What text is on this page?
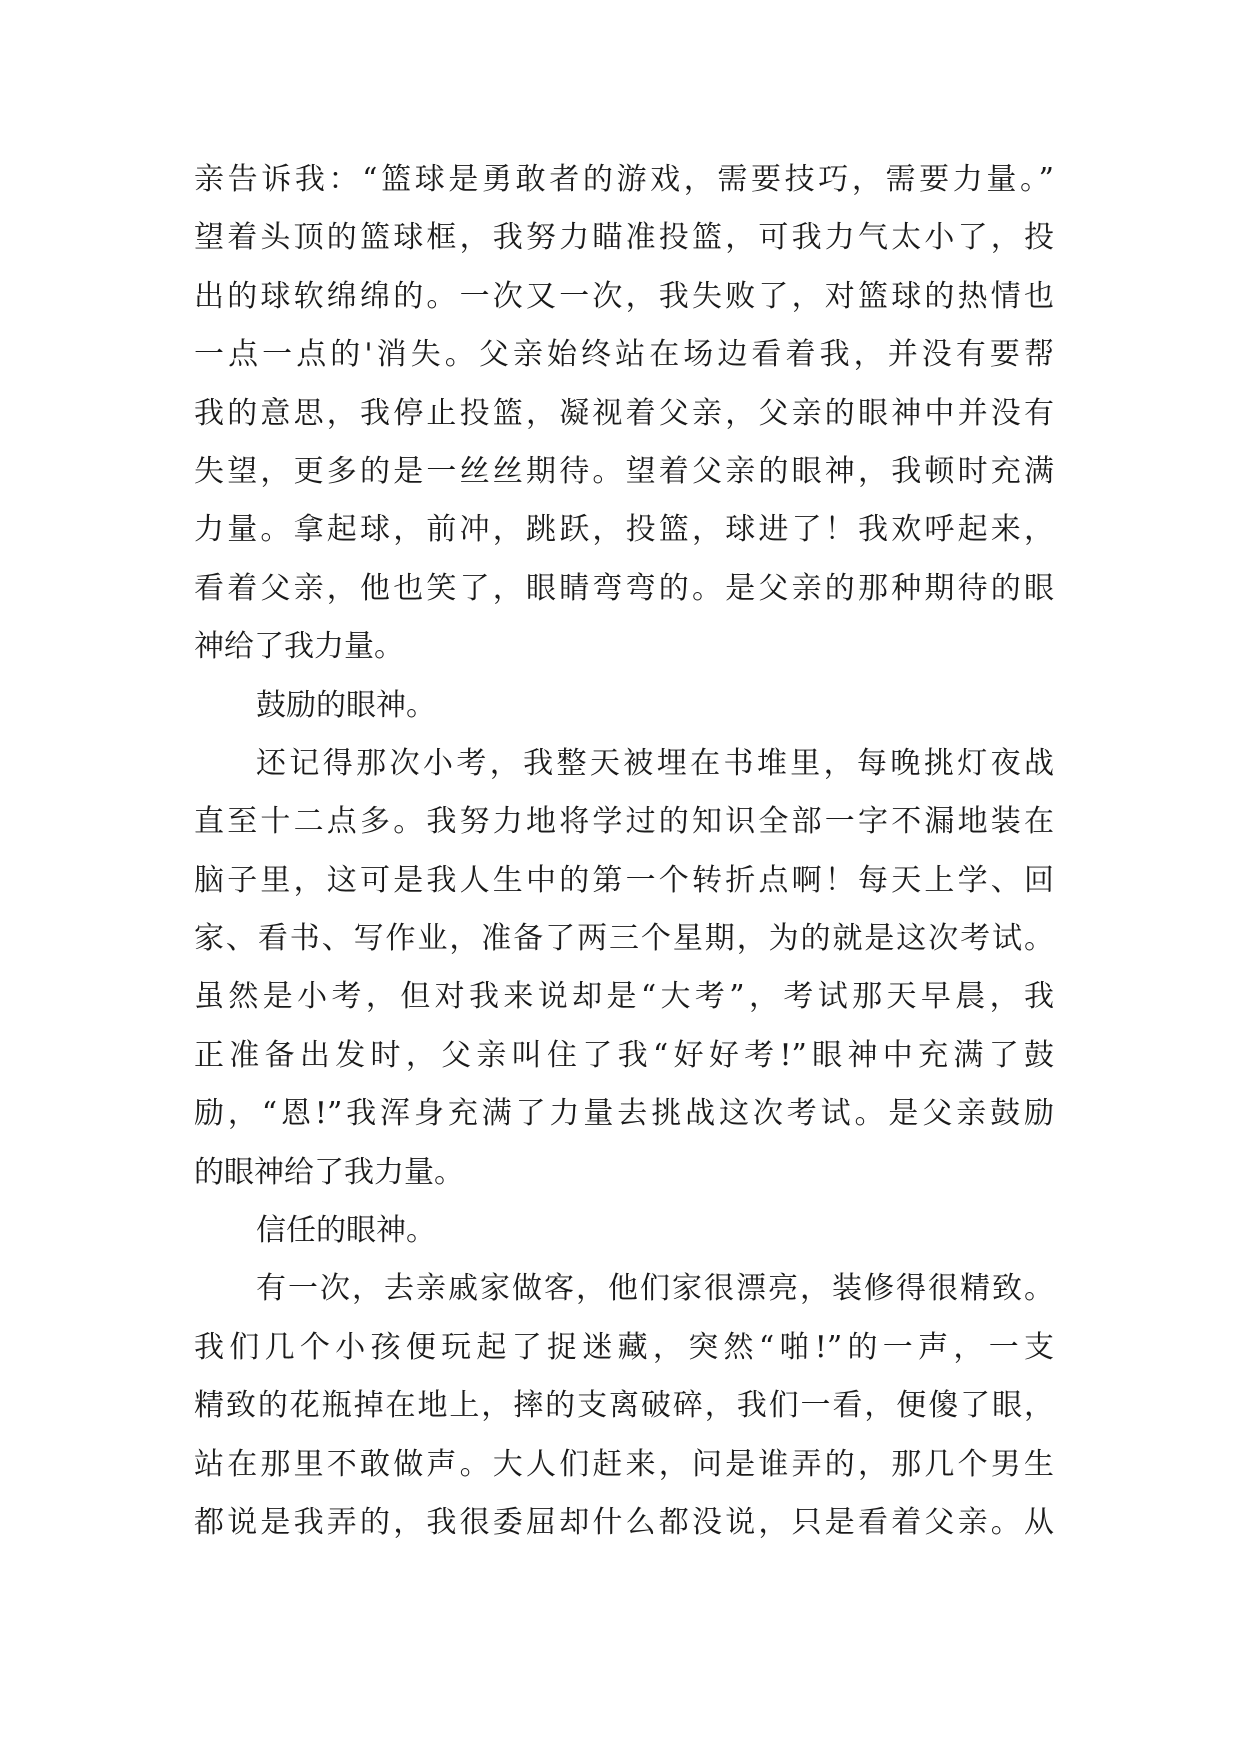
亲告诉我：“篮球是勇敢者的游戏，需要技巧，需要力量。”
望着头顶的篮球框，我努力瞄准投篮，可我力气太小了，投
出的球软绵绵的。一次又一次，我失败了，对篮球的热情也
一点一点的'消失。父亲始终站在场边看着我，并没有要帮
我的意思，我停止投篮，凝视着父亲，父亲的眼神中并没有
失望，更多的是一丝丝期待。望着父亲的眼神，我顿时充满
力量。拿起球，前冲，跳跃，投篮，球进了！我欢呼起来，
看着父亲，他也笑了，眼睛弯弯的。是父亲的那种期待的眼
神给了我力量。
鼓励的眼神。
还记得那次小考，我整天被埋在书堆里，每晚挑灯夜战
直至十二点多。我努力地将学过的知识全部一字不漏地装在
脑子里，这可是我人生中的第一个转折点啊！每天上学、回
家、看书、写作业，准备了两三个星期，为的就是这次考试。
虽然是小考，但对我来说却是“大考”，考试那天早晨，我
正准备出发时，父亲叫住了我“好好考!”眼神中充满了鼓
励，“恩!”我浑身充满了力量去挑战这次考试。是父亲鼓励
的眼神给了我力量。
信任的眼神。
有一次，去亲戚家做客，他们家很漂亮，装修得很精致。
我们几个小孩便玩起了捉迷藏，突然“啪!”的一声，一支
精致的花瓶掉在地上，摔的支离破碎，我们一看，便傻了眼，
站在那里不敢做声。大人们赶来，问是谁弄的，那几个男生
都说是我弄的，我很委屈却什么都没说，只是看着父亲。从
